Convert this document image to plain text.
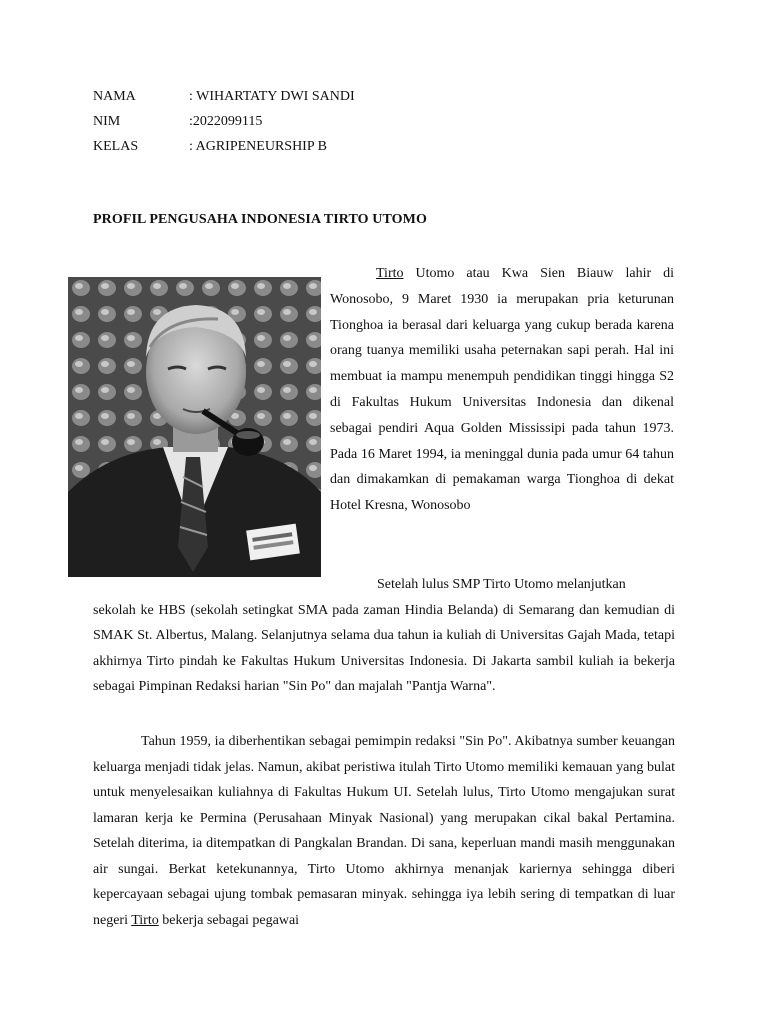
NAMA	: WIHARTATY DWI SANDI
NIM	:2022099115
KELAS	: AGRIPENEURSHIP B
PROFIL PENGUSAHA INDONESIA TIRTO UTOMO
Tirto Utomo atau Kwa Sien Biauw lahir di Wonosobo, 9 Maret 1930 ia merupakan pria keturunan Tionghoa ia berasal dari keluarga yang cukup berada karena orang tuanya memiliki usaha peternakan sapi perah. Hal ini membuat ia mampu menempuh pendidikan tinggi hingga S2 di Fakultas Hukum Universitas Indonesia dan dikenal sebagai pendiri Aqua Golden Mississipi pada tahun 1973. Pada 16 Maret 1994, ia meninggal dunia pada umur 64 tahun dan dimakamkan di pemakaman warga Tionghoa di dekat Hotel Kresna, Wonosobo
Setelah lulus SMP Tirto Utomo melanjutkan
sekolah ke HBS (sekolah setingkat SMA pada zaman Hindia Belanda) di Semarang dan kemudian di SMAK St. Albertus, Malang. Selanjutnya selama dua tahun ia kuliah di Universitas Gajah Mada, tetapi akhirnya Tirto pindah ke Fakultas Hukum Universitas Indonesia. Di Jakarta sambil kuliah ia bekerja sebagai Pimpinan Redaksi harian "Sin Po" dan majalah "Pantja Warna".
Tahun 1959, ia diberhentikan sebagai pemimpin redaksi "Sin Po". Akibatnya sumber keuangan keluarga menjadi tidak jelas. Namun, akibat peristiwa itulah Tirto Utomo memiliki kemauan yang bulat untuk menyelesaikan kuliahnya di Fakultas Hukum UI. Setelah lulus, Tirto Utomo mengajukan surat lamaran kerja ke Permina (Perusahaan Minyak Nasional) yang merupakan cikal bakal Pertamina. Setelah diterima, ia ditempatkan di Pangkalan Brandan. Di sana, keperluan mandi masih menggunakan air sungai. Berkat ketekunannya, Tirto Utomo akhirnya menanjak kariernya sehingga diberi kepercayaan sebagai ujung tombak pemasaran minyak. sehingga iya lebih sering di tempatkan di luar negeri Tirto bekerja sebagai pegawai
